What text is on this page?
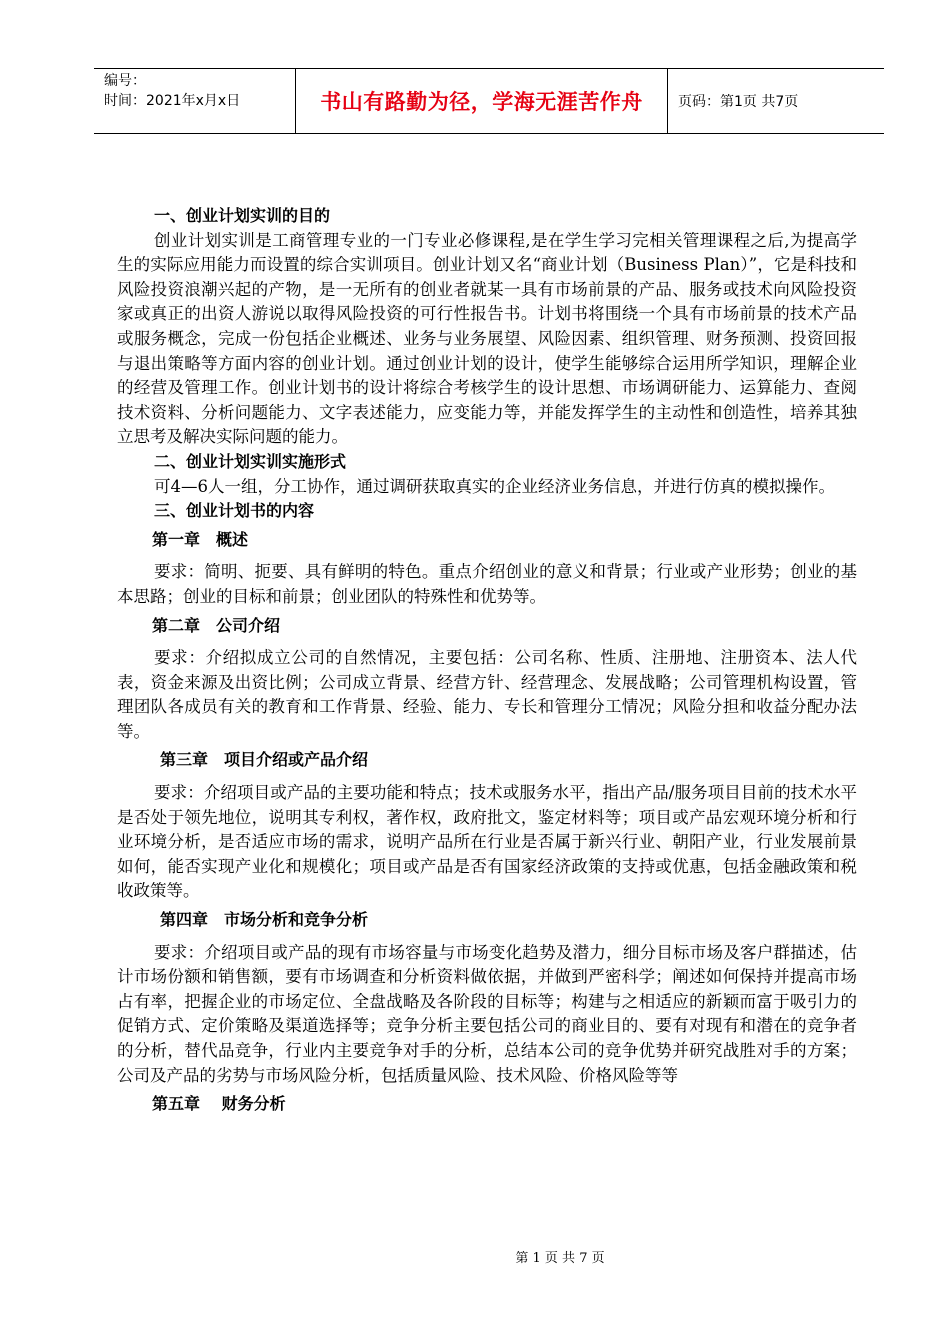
编号：
时间：2021年x月x日	书山有路勤为径，学海无涯苦作舟	页码：第1页 共7页

一、创业计划实训的目的

创业计划实训是工商管理专业的一门专业必修课程,是在学生学习完相关管理课程之后,为提高学生的实际应用能力而设置的综合实训项目。创业计划又名“商业计划（Business Plan）”，它是科技和风险投资浪潮兴起的产物，是一无所有的创业者就某一具有市场前景的产品、服务或技术向风险投资家或真正的出资人游说以取得风险投资的可行性报告书。计划书将围绕一个具有市场前景的技术产品或服务概念，完成一份包括企业概述、业务与业务展望、风险因素、组织管理、财务预测、投资回报与退出策略等方面内容的创业计划。通过创业计划的设计，使学生能够综合运用所学知识，理解企业的经营及管理工作。创业计划书的设计将综合考核学生的设计思想、市场调研能力、运算能力、查阅技术资料、分析问题能力、文字表述能力，应变能力等，并能发挥学生的主动性和创造性，培养其独立思考及解决实际问题的能力。

二、创业计划实训实施形式

可4—6人一组，分工协作，通过调研获取真实的企业经济业务信息，并进行仿真的模拟操作。

三、创业计划书的内容

第一章　概述

要求：简明、扼要、具有鲜明的特色。重点介绍创业的意义和背景；行业或产业形势；创业的基本思路；创业的目标和前景；创业团队的特殊性和优势等。

第二章　公司介绍

要求：介绍拟成立公司的自然情况，主要包括：公司名称、性质、注册地、注册资本、法人代表，资金来源及出资比例；公司成立背景、经营方针、经营理念、发展战略；公司管理机构设置，管理团队各成员有关的教育和工作背景、经验、能力、专长和管理分工情况；风险分担和收益分配办法等。

第三章　项目介绍或产品介绍

要求：介绍项目或产品的主要功能和特点；技术或服务水平，指出产品/服务项目目前的技术水平是否处于领先地位，说明其专利权，著作权，政府批文，鉴定材料等；项目或产品宏观环境分析和行业环境分析，是否适应市场的需求，说明产品所在行业是否属于新兴行业、朝阳产业，行业发展前景如何，能否实现产业化和规模化；项目或产品是否有国家经济政策的支持或优惠，包括金融政策和税收政策等。

第四章　市场分析和竞争分析

要求：介绍项目或产品的现有市场容量与市场变化趋势及潜力，细分目标市场及客户群描述，估计市场份额和销售额，要有市场调查和分析资料做依据，并做到严密科学；阐述如何保持并提高市场占有率，把握企业的市场定位、全盘战略及各阶段的目标等；构建与之相适应的新颖而富于吸引力的促销方式、定价策略及渠道选择等；竞争分析主要包括公司的商业目的、要有对现有和潜在的竞争者的分析，替代品竞争，行业内主要竞争对手的分析，总结本公司的竞争优势并研究战胜对手的方案；公司及产品的劣势与市场风险分析，包括质量风险、技术风险、价格风险等等

第五章　 财务分析

第 1 页 共 7 页
